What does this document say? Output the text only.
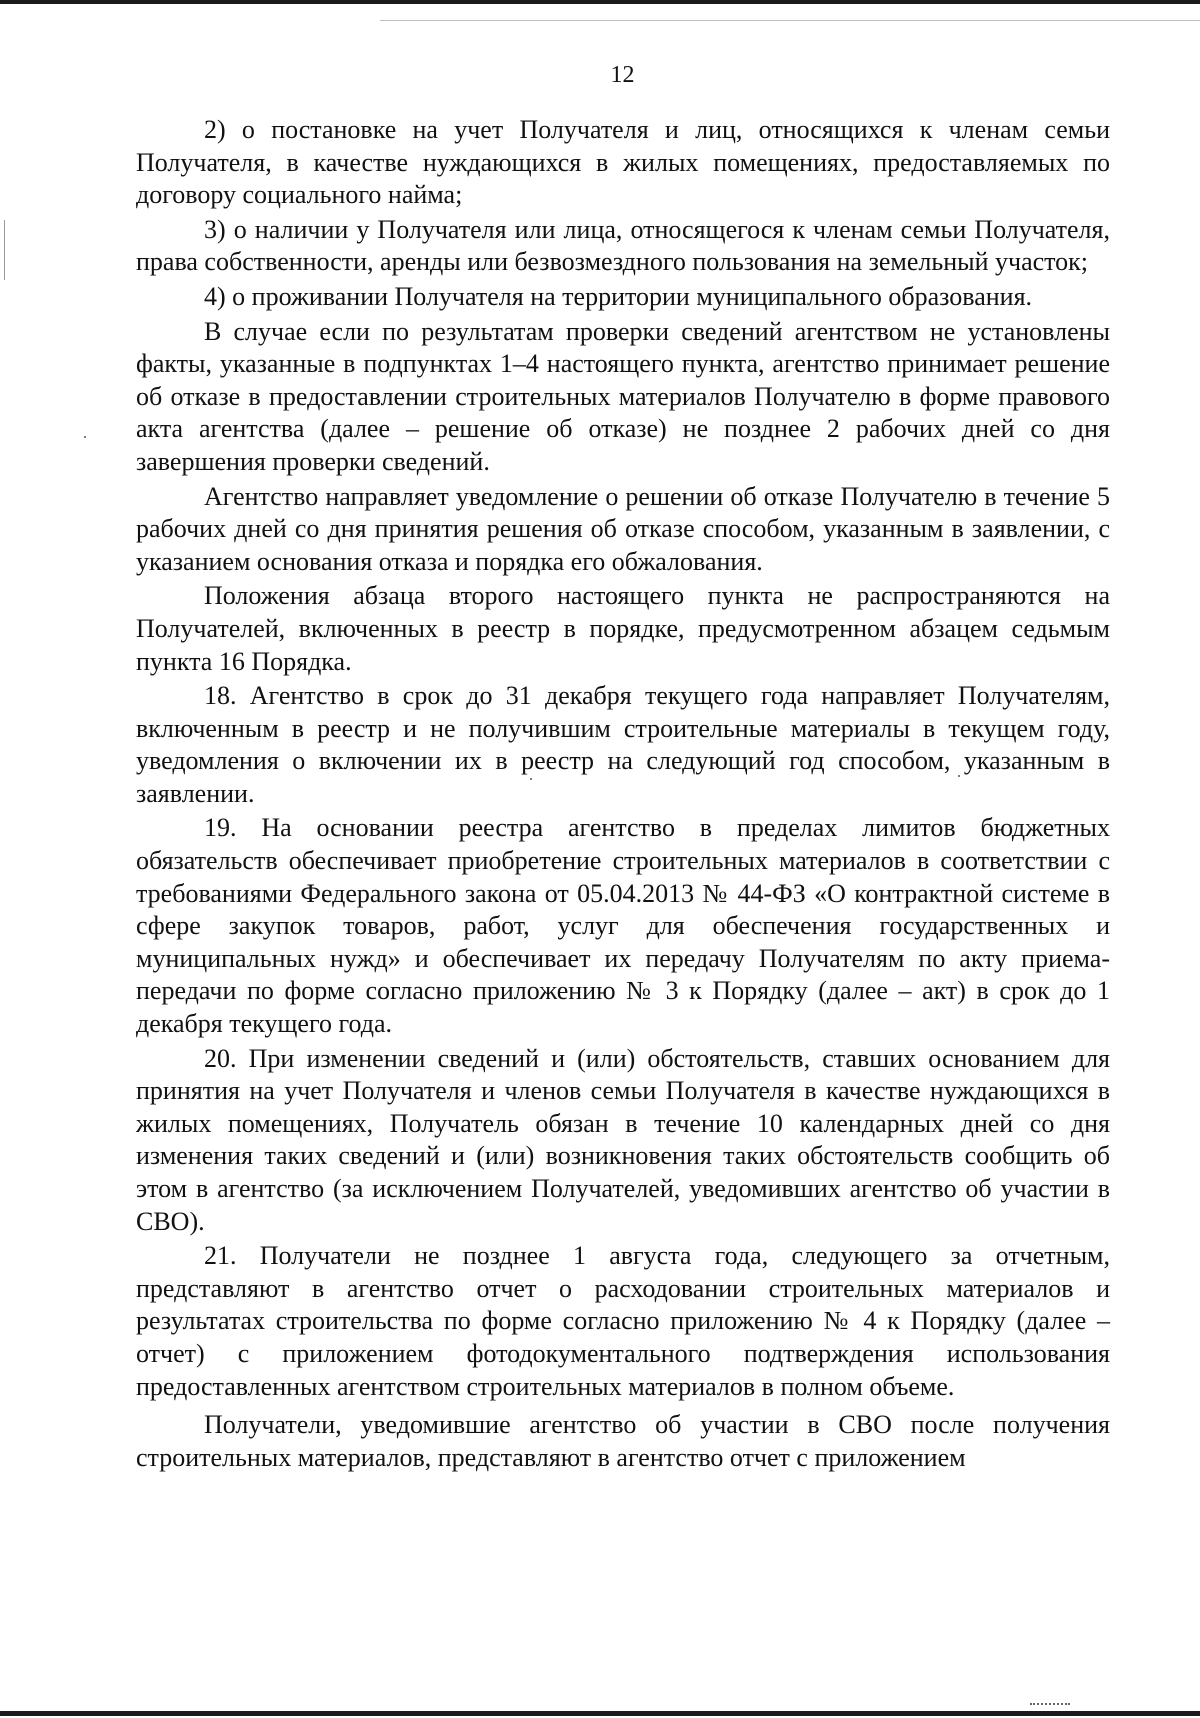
12

2) о постановке на учет Получателя и лиц, относящихся к членам семьи Получателя, в качестве нуждающихся в жилых помещениях, предоставляемых по договору социального найма;

3) о наличии у Получателя или лица, относящегося к членам семьи Получателя, права собственности, аренды или безвозмездного пользования на земельный участок;

4) о проживании Получателя на территории муниципального образования.

В случае если по результатам проверки сведений агентством не установлены факты, указанные в подпунктах 1–4 настоящего пункта, агентство принимает решение об отказе в предоставлении строительных материалов Получателю в форме правового акта агентства (далее – решение об отказе) не позднее 2 рабочих дней со дня завершения проверки сведений.

Агентство направляет уведомление о решении об отказе Получателю в течение 5 рабочих дней со дня принятия решения об отказе способом, указанным в заявлении, с указанием основания отказа и порядка его обжалования.

Положения абзаца второго настоящего пункта не распространяются на Получателей, включенных в реестр в порядке, предусмотренном абзацем седьмым пункта 16 Порядка.

18. Агентство в срок до 31 декабря текущего года направляет Получателям, включенным в реестр и не получившим строительные материалы в текущем году, уведомления о включении их в реестр на следующий год способом, указанным в заявлении.

19. На основании реестра агентство в пределах лимитов бюджетных обязательств обеспечивает приобретение строительных материалов в соответствии с требованиями Федерального закона от 05.04.2013 № 44-ФЗ «О контрактной системе в сфере закупок товаров, работ, услуг для обеспечения государственных и муниципальных нужд» и обеспечивает их передачу Получателям по акту приема-передачи по форме согласно приложению № 3 к Порядку (далее – акт) в срок до 1 декабря текущего года.

20. При изменении сведений и (или) обстоятельств, ставших основанием для принятия на учет Получателя и членов семьи Получателя в качестве нуждающихся в жилых помещениях, Получатель обязан в течение 10 календарных дней со дня изменения таких сведений и (или) возникновения таких обстоятельств сообщить об этом в агентство (за исключением Получателей, уведомивших агентство об участии в СВО).

21. Получатели не позднее 1 августа года, следующего за отчетным, представляют в агентство отчет о расходовании строительных материалов и результатах строительства по форме согласно приложению № 4 к Порядку (далее – отчет) с приложением фотодокументального подтверждения использования предоставленных агентством строительных материалов в полном объеме.

Получатели, уведомившие агентство об участии в СВО после получения строительных материалов, представляют в агентство отчет с приложением
